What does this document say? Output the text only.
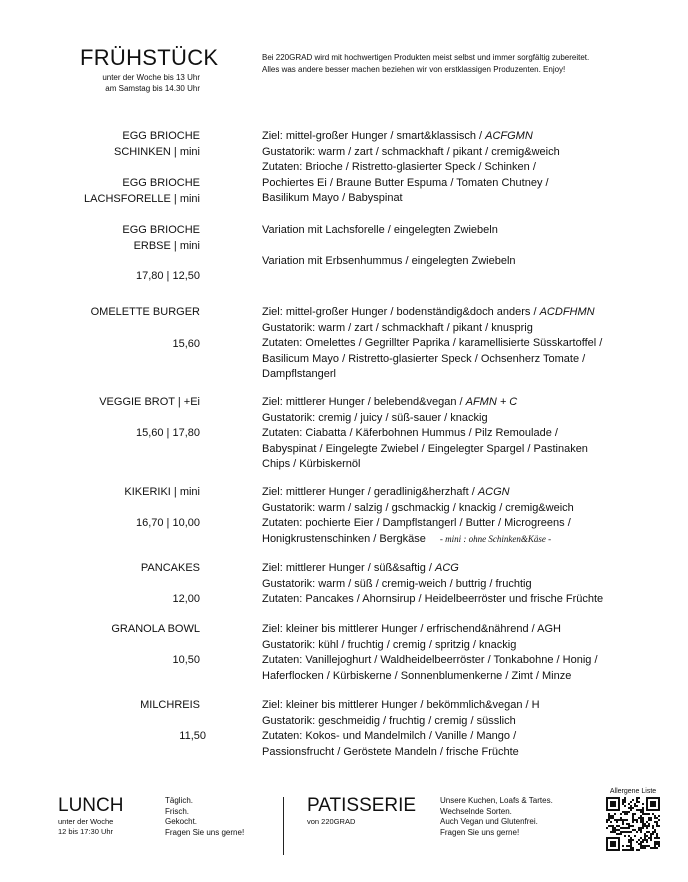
FRÜHSTÜCK
unter der Woche bis 13 Uhr
am Samstag bis 14.30 Uhr
Bei 220GRAD wird mit hochwertigen Produkten meist selbst und immer sorgfältig zubereitet.
Alles was andere besser machen beziehen wir von erstklassigen Produzenten. Enjoy!
EGG BRIOCHE
SCHINKEN | mini
EGG BRIOCHE
LACHSFORELLE | mini
EGG BRIOCHE
ERBSE | mini
17,80 | 12,50
Ziel: mittel-großer Hunger / smart&klassisch / ACFGMN
Gustatorik: warm / zart / schmackhaft / pikant / cremig&weich
Zutaten: Brioche / Ristretto-glasierter Speck / Schinken /
Pochiertes Ei / Braune Butter Espuma / Tomaten Chutney /
Basilikum Mayo / Babyspinat
Variation mit Lachsforelle / eingelegten Zwiebeln
Variation mit Erbsenhummus / eingelegten Zwiebeln
OMELETTE BURGER
15,60
Ziel: mittel-großer Hunger / bodenständig&doch anders / ACDFHMN
Gustatorik: warm / zart / schmackhaft / pikant / knusprig
Zutaten: Omelettes / Gegrillter Paprika / karamellisierte Süsskartoffel /
Basilicum Mayo / Ristretto-glasierter Speck / Ochsenherz Tomate /
Dampflstangerl
VEGGIE BROT | +Ei
15,60 | 17,80
Ziel: mittlerer Hunger / belebend&vegan / AFMN + C
Gustatorik: cremig / juicy / süß-sauer / knackig
Zutaten: Ciabatta / Käferbohnen Hummus / Pilz Remoulade /
Babyspinat / Eingelegte Zwiebel / Eingelegter Spargel / Pastinaken
Chips / Kürbiskernöl
KIKERIKI | mini
16,70 | 10,00
Ziel: mittlerer Hunger / geradlinig&herzhaft / ACGN
Gustatorik: warm / salzig / gschmackig / knackig / cremig&weich
Zutaten: pochierte Eier / Dampflstangerl / Butter / Microgreens /
Honigkrustenschinken / Bergkäse - mini : ohne Schinken&Käse -
PANCAKES
12,00
Ziel: mittlerer Hunger / süß&saftig / ACG
Gustatorik: warm / süß / cremig-weich / buttrig / fruchtig
Zutaten: Pancakes / Ahornsirup / Heidelbeerröster und frische Früchte
GRANOLA BOWL
10,50
Ziel: kleiner bis mittlerer Hunger / erfrischend&nährend / AGH
Gustatorik: kühl / fruchtig / cremig / spritzig / knackig
Zutaten: Vanillejoghurt / Waldheidelbeerröster / Tonkabohne / Honig /
Haferflocken / Kürbiskerne / Sonnenblumenkerne / Zimt / Minze
MILCHREIS
11,50
Ziel: kleiner bis mittlerer Hunger / bekömmlich&vegan / H
Gustatorik: geschmeidig / fruchtig / cremig / süsslich
Zutaten: Kokos- und Mandelmilch / Vanille / Mango /
Passionsfrucht / Geröstete Mandeln / frische Früchte
LUNCH
unter der Woche
12 bis 17:30 Uhr
Täglich.
Frisch.
Gekocht.
Fragen Sie uns gerne!
PATISSERIE
von 220GRAD
Unsere Kuchen, Loafs & Tartes.
Wechselnde Sorten.
Auch Vegan und Glutenfrei.
Fragen Sie uns gerne!
Allergene Liste
